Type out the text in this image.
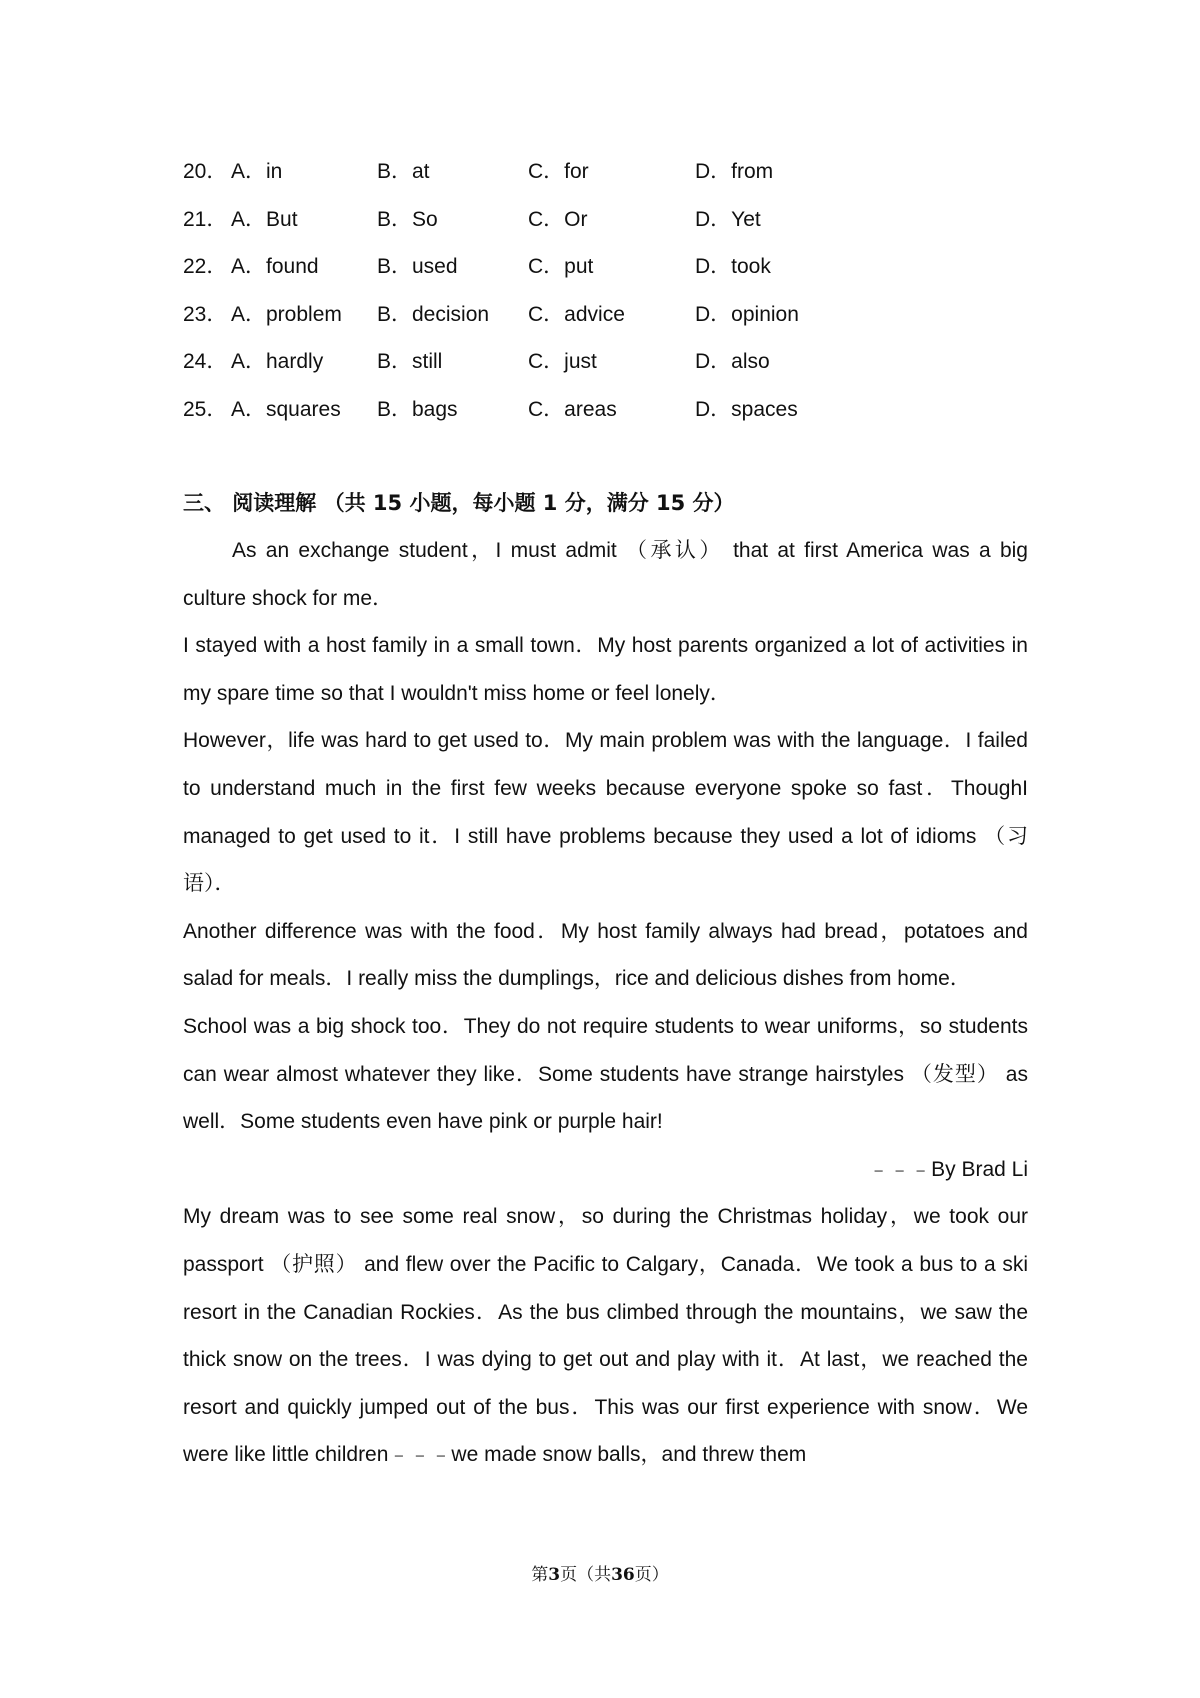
20． A．in	B．at	C．for	D．from
21． A．But	B．So	C．Or	D．Yet
22． A．found	B．used	C．put	D．took
23． A．problem B．decision C．advice	D．opinion
24． A．hardly	B．still	C．just	D．also
25． A．squares B．bags	C．areas	D．spaces
三、 阅读理解 （共 15 小题，每小题 1 分，满分 15 分）

As an exchange student，I must admit （承认） that at first America was a big culture shock for me．

I stayed with a host family in a small town．My host parents organized a lot of activities in my spare time so that I wouldn't miss home or feel lonely．

However，life was hard to get used to．My main problem was with the language．I failed to understand much in the first few weeks because everyone spoke so fast．ThoughI managed to get used to it．I still have problems because they used a lot of idioms （习语）．

Another difference was with the food．My host family always had bread，potatoes and salad for meals．I really miss the dumplings，rice and delicious dishes from home．

School was a big shock too．They do not require students to wear uniforms，so students can wear almost whatever they like．Some students have strange hairstyles （发型） as well．Some students even have pink or purple hair!

﹣﹣﹣By Brad Li

My dream was to see some real snow，so during the Christmas holiday，we took our passport （护照） and flew over the Pacific to Calgary，Canada．We took a bus to a ski resort in the Canadian Rockies．As the bus climbed through the mountains，we saw the thick snow on the trees．I was dying to get out and play with it．At last，we reached the resort and quickly jumped out of the bus．This was our first experience with snow．We were like little children﹣﹣﹣we made snow balls，and threw them

第3页（共36页）
